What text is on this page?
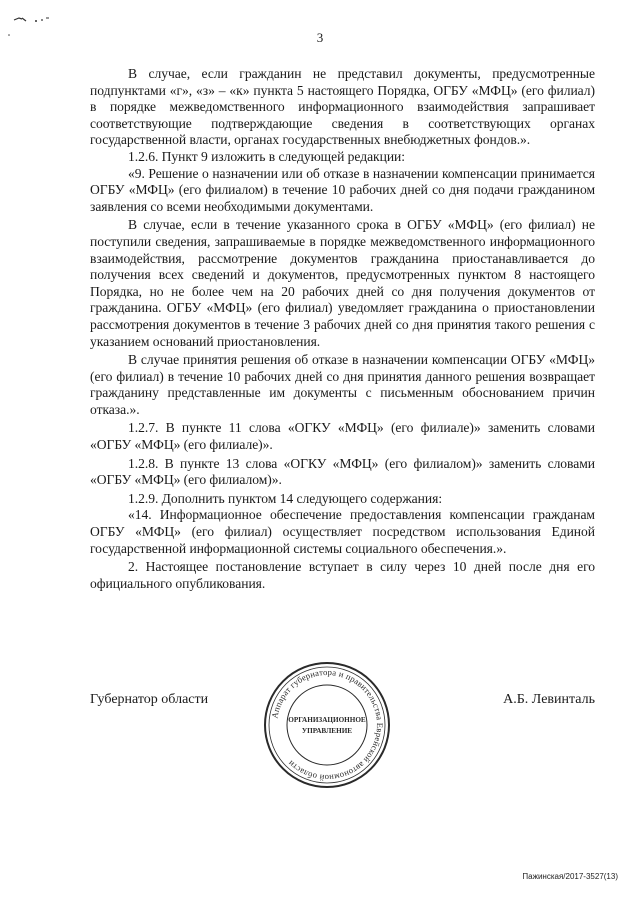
3

В случае, если гражданин не представил документы, предусмотренные подпунктами «г», «з» – «к» пункта 5 настоящего Порядка, ОГБУ «МФЦ» (его филиал) в порядке межведомственного информационного взаимодействия запрашивает соответствующие подтверждающие сведения в соответствующих органах государственной власти, органах государственных внебюджетных фондов.».

1.2.6. Пункт 9 изложить в следующей редакции:

«9. Решение о назначении или об отказе в назначении компенсации принимается ОГБУ «МФЦ» (его филиалом) в течение 10 рабочих дней со дня подачи гражданином заявления со всеми необходимыми документами.

В случае, если в течение указанного срока в ОГБУ «МФЦ» (его филиал) не поступили сведения, запрашиваемые в порядке межведомственного информационного взаимодействия, рассмотрение документов гражданина приостанавливается до получения всех сведений и документов, предусмотренных пунктом 8 настоящего Порядка, но не более чем на 20 рабочих дней со дня получения документов от гражданина. ОГБУ «МФЦ» (его филиал) уведомляет гражданина о приостановлении рассмотрения документов в течение 3 рабочих дней со дня принятия такого решения с указанием оснований приостановления.

В случае принятия решения об отказе в назначении компенсации ОГБУ «МФЦ» (его филиал) в течение 10 рабочих дней со дня принятия данного решения возвращает гражданину представленные им документы с письменным обоснованием причин отказа.».

1.2.7. В пункте 11 слова «ОГКУ «МФЦ» (его филиале)» заменить словами «ОГБУ «МФЦ» (его филиале)».

1.2.8. В пункте 13 слова «ОГКУ «МФЦ» (его филиалом)» заменить словами «ОГБУ «МФЦ» (его филиалом)».

1.2.9. Дополнить пунктом 14 следующего содержания:

«14. Информационное обеспечение предоставления компенсации гражданам ОГБУ «МФЦ» (его филиал) осуществляет посредством использования Единой государственной информационной системы социального обеспечения.».

2. Настоящее постановление вступает в силу через 10 дней после дня его официального опубликования.

Губернатор области	А.Б. Левинталь
Аппарат губернатора и правительства Еврейской автономной области
ОРГАНИЗАЦИОННОЕ
УПРАВЛЕНИЕ
Пажинская/2017-3527(13)
